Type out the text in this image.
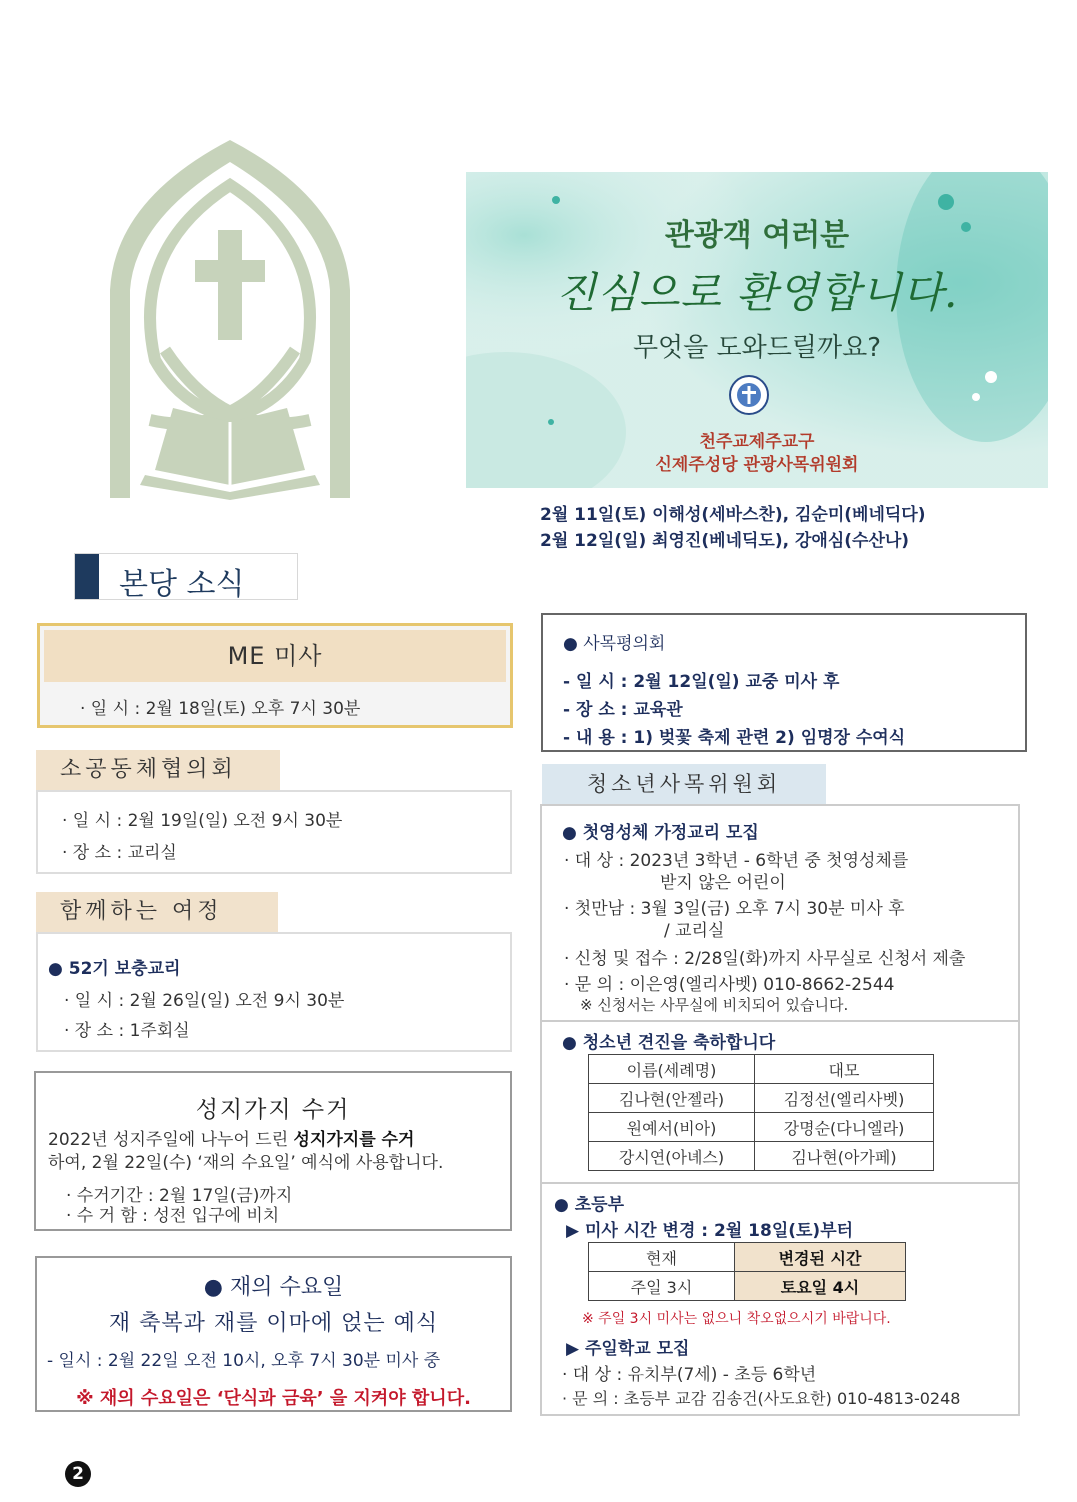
관광객 여러분
진심으로 환영합니다.
무엇을 도와드릴까요?
천주교제주교구
신제주성당 관광사목위원회
2월 11일(토) 이해성(세바스찬), 김순미(베네딕다)
2월 12일(일) 최영진(베네딕도), 강애심(수산나)
본당 소식
ME 미사
· 일 시 : 2월 18일(토) 오후 7시 30분
소공동체협의회
· 일 시 : 2월 19일(일) 오전 9시 30분
· 장 소 : 교리실
함께하는 여정
● 52기 보충교리
· 일 시 : 2월 26일(일) 오전 9시 30분
· 장 소 : 1주회실
성지가지 수거
2022년 성지주일에 나누어 드린 성지가지를 수거
하여, 2월 22일(수) ‘재의 수요일’ 예식에 사용합니다.
· 수거기간 : 2월 17일(금)까지
· 수 거 함 : 성전 입구에 비치
● 재의 수요일
재 축복과 재를 이마에 얹는 예식
- 일시 : 2월 22일 오전 10시, 오후 7시 30분 미사 중
※ 재의 수요일은 ‘단식과 금육’ 을 지켜야 합니다.
2
● 사목평의회
- 일 시 : 2월 12일(일) 교중 미사 후
- 장 소 : 교육관
- 내 용 : 1) 벚꽃 축제 관련 2) 임명장 수여식
청소년사목위원회
● 첫영성체 가정교리 모집
· 대 상 : 2023년 3학년 - 6학년 중 첫영성체를
받지 않은 어린이
· 첫만남 : 3월 3일(금) 오후 7시 30분 미사 후
/ 교리실
· 신청 및 접수 : 2/28일(화)까지 사무실로 신청서 제출
· 문 의 : 이은영(엘리사벳) 010-8662-2544
※ 신청서는 사무실에 비치되어 있습니다.
● 청소년 견진을 축하합니다
이름(세례명)	대모
김나현(안젤라)	김정선(엘리사벳)
원예서(비아)	강명순(다니엘라)
강시연(아녜스)	김나현(아가페)
● 초등부
▶ 미사 시간 변경 : 2월 18일(토)부터
현재	변경된 시간
주일 3시	토요일 4시
※ 주일 3시 미사는 없으니 착오없으시기 바랍니다.
▶ 주일학교 모집
· 대 상 : 유치부(7세) - 초등 6학년
· 문 의 : 초등부 교감 김송건(사도요한) 010-4813-0248
